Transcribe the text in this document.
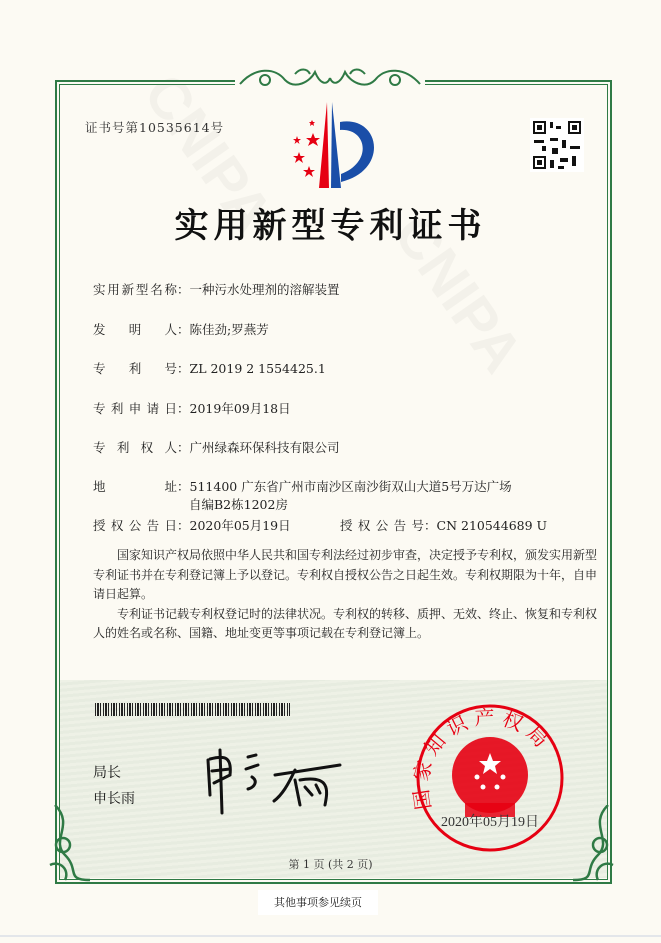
证书号第10535614号
实用新型专利证书
实用新型名称：一种污水处理剂的溶解装置
发明人：陈佳劲;罗燕芳
专利号：ZL 2019 2 1554425.1
专利申请日：2019年09月18日
专利权人：广州绿森环保科技有限公司
地址：511400 广东省广州市南沙区南沙街双山大道5号万达广场
自编B2栋1202房
授权公告日：2020年05月19日	授权公告号：CN 210544689 U

国家知识产权局依照中华人民共和国专利法经过初步审查，决定授予专利权，颁发实用新型专利证书并在专利登记簿上予以登记。专利权自授权公告之日起生效。专利权期限为十年，自申请日起算。

专利证书记载专利权登记时的法律状况。专利权的转移、质押、无效、终止、恢复和专利权人的姓名或名称、国籍、地址变更等事项记载在专利登记簿上。

局长
申长雨	国家知识产权局
2020年05月19日
第 1 页 (共 2 页)
其他事项参见续页
